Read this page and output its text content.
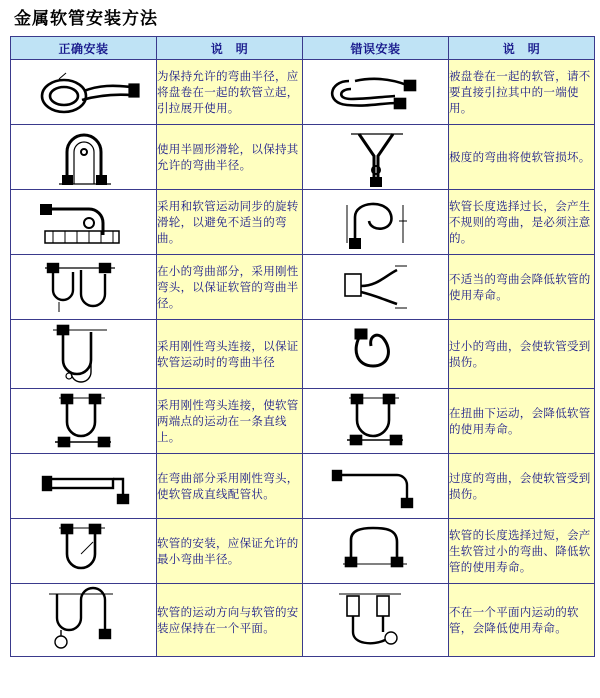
金属软管安装方法
正确安装	说　明	错误安装	说　明

	为保持允许的弯曲半径，应将盘卷在一起的软管立起，引拉展开使用。		被盘卷在一起的软管，请不要直接引拉其中的一端使用。

	使用半圆形滑轮，以保持其允许的弯曲半径。		极度的弯曲将使软管损坏。

	采用和软管运动同步的旋转滑轮，以避免不适当的弯曲。		软管长度选择过长，会产生不规则的弯曲，是必须注意的。

	在小的弯曲部分，采用刚性弯头，以保证软管的弯曲半径。		不适当的弯曲会降低软管的使用寿命。

	采用刚性弯头连接，以保证软管运动时的弯曲半径		过小的弯曲，会使软管受到损伤。

	采用刚性弯头连接，使软管两端点的运动在一条直线上。		在扭曲下运动，会降低软管的使用寿命。

	在弯曲部分采用刚性弯头，使软管成直线配管状。		过度的弯曲，会使软管受到损伤。

	软管的安装，应保证允许的最小弯曲半径。		软管的长度选择过短，会产生软管过小的弯曲、降低软管的使用寿命。

	软管的运动方向与软管的安装应保持在一个平面。		不在一个平面内运动的软管，会降低使用寿命。
